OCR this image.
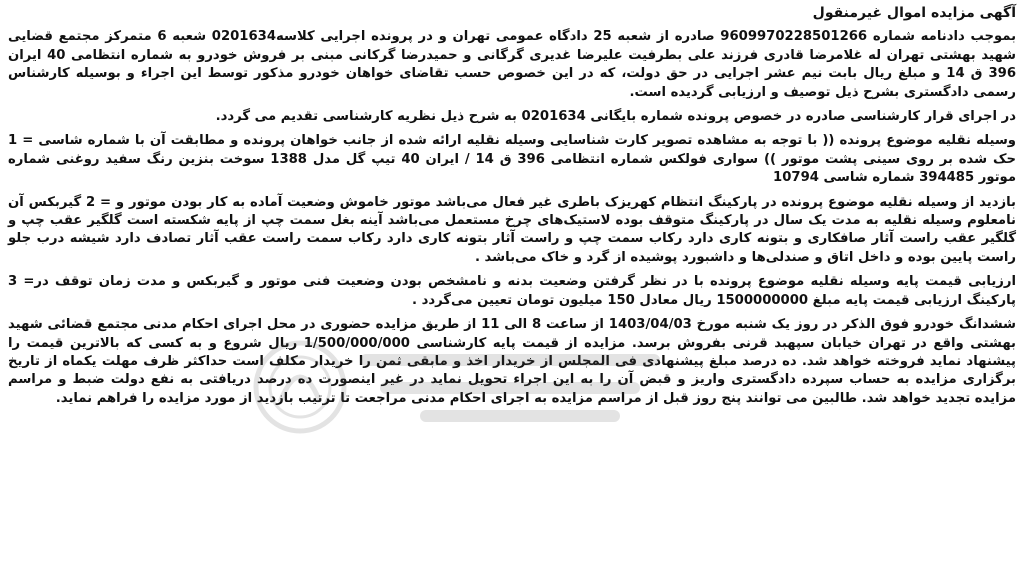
آگهی مزایده اموال غیرمنقول

بموجب دادنامه شماره 9609970228501266 صادره از شعبه 25 دادگاه عمومی تهران و در پرونده اجرایی کلاسه0201634 شعبه 6 متمرکز مجتمع قضایی شهید بهشتی تهران له غلامرضا قادری فرزند علی بطرفیت علیرضا غدیری گرگانی و حمیدرضا گرکانی مبنی بر فروش خودرو به شماره انتظامی 40 ایران 396 ق 14 و مبلغ ریال بابت نیم عشر اجرایی در حق دولت، که در این خصوص حسب تقاضای خواهان خودرو مذکور توسط این اجراء و بوسیله کارشناس رسمی دادگستری بشرح ذیل توصیف و ارزیابی گردیده است.

در اجرای قرار کارشناسی صادره در خصوص پرونده شماره بایگانی 0201634 به شرح ذیل نظریه کارشناسی تقدیم می گردد.

وسیله نقلیه موضوع پرونده (( با توجه به مشاهده تصویر کارت شناسایی وسیله نقلیه ارائه شده از جانب خواهان پرونده و مطابقت آن با شماره شاسی = 1 حک شده بر روی سینی پشت موتور )) سواری فولکس شماره انتظامی 396 ق 14 / ایران 40 تیپ گل مدل 1388 سوخت بنزین رنگ سفید روغنی شماره موتور 394485 شماره شاسی 10794

بازدید از وسیله نقلیه موضوع پرونده در پارکینگ انتظام کهریزک باطری غیر فعال می‌باشد موتور خاموش وضعیت آماده به کار بودن موتور و = 2 گیربکس آن نامعلوم وسیله نقلیه به مدت یک سال در پارکینگ متوقف بوده لاستیک‌های چرخ مستعمل می‌باشد آینه بغل سمت چپ از پایه شکسته است گلگیر عقب چپ و گلگیر عقب راست آثار صافکاری و بتونه کاری دارد رکاب سمت چپ و راست آثار بتونه کاری دارد رکاب سمت راست عقب آثار تصادف دارد شیشه درب جلو راست پایین بوده و داخل اتاق و صندلی‌ها و داشبورد پوشیده از گرد و خاک می‌باشد .

ارزیابی قیمت پایه وسیله نقلیه موضوع پرونده با در نظر گرفتن وضعیت بدنه و نامشخص بودن وضعیت فنی موتور و گیربکس و مدت زمان توقف در= 3 پارکینگ ارزیابی قیمت پایه مبلغ 1500000000 ریال معادل 150 میلیون تومان تعیین می‌گردد .

ششدانگ خودرو فوق الذکر در روز یک شنبه مورخ 1403/04/03 از ساعت 8 الی 11 از طریق مزایده حضوری در محل اجرای احکام مدنی مجتمع قضائی شهید بهشتی واقع در تهران خیابان سپهبد قرنی بفروش برسد. مزایده از قیمت پایه کارشناسی 1/500/000/000 ریال شروع و به کسی که بالاترین قیمت را پیشنهاد نماید فروخته خواهد شد. ده درصد مبلغ پیشنهادی فی المجلس از خریدار اخذ و مابقی ثمن را خریدار مکلف است حداکثر ظرف مهلت یکماه از تاریخ برگزاری مزایده به حساب سپرده دادگستری واریز و قبض آن را به این اجراء تحویل نماید در غیر اینصورت ده درصد دریافتی به نفع دولت ضبط و مراسم مزایده تجدید خواهد شد. طالبین می توانند پنج روز قبل از مراسم مزایده به اجرای احکام مدنی مراجعت تا ترتیب بازدید از مورد مزایده را فراهم نماید.
